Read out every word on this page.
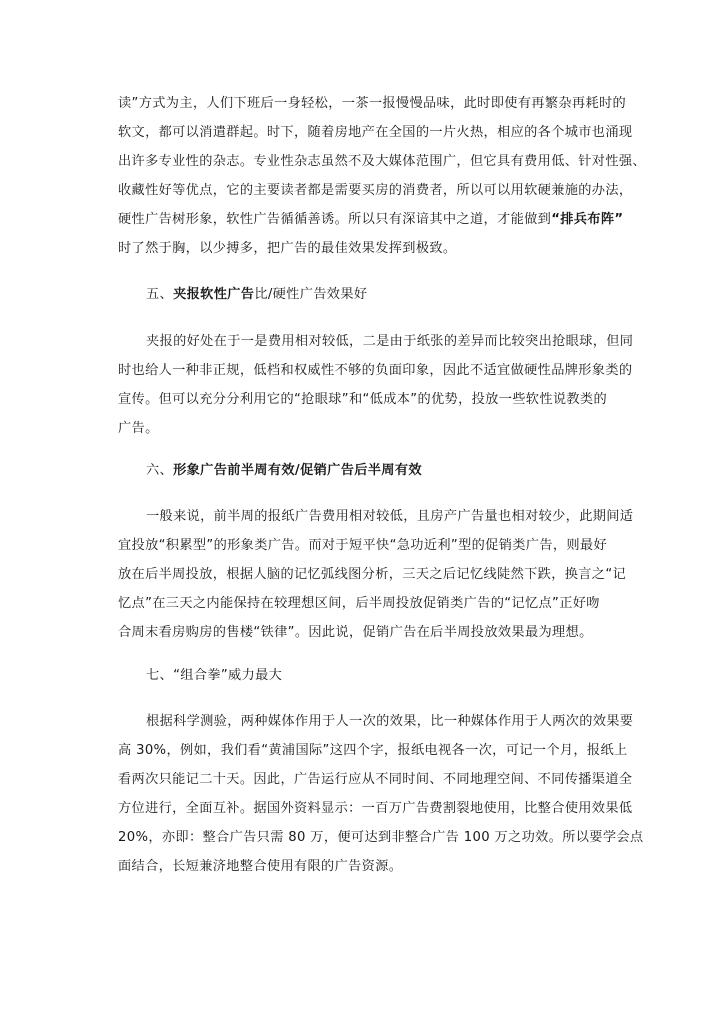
读”方式为主，人们下班后一身轻松，一茶一报慢慢品味，此时即使有再繁杂再耗时的
软文，都可以消遣群起。时下，随着房地产在全国的一片火热，相应的各个城市也涌现
出许多专业性的杂志。专业性杂志虽然不及大媒体范围广，但它具有费用低、针对性强、
收藏性好等优点，它的主要读者都是需要买房的消费者，所以可以用软硬兼施的办法，
硬性广告树形象，软性广告循循善诱。所以只有深谙其中之道，才能做到“排兵布阵”
时了然于胸，以少搏多，把广告的最佳效果发挥到极致。
五、夹报软性广告比/硬性广告效果好
夹报的好处在于一是费用相对较低，二是由于纸张的差异而比较突出抢眼球，但同
时也给人一种非正规，低档和权威性不够的负面印象，因此不适宜做硬性品牌形象类的
宣传。但可以充分分利用它的“抢眼球”和“低成本”的优势，投放一些软性说教类的
广告。
六、形象广告前半周有效/促销广告后半周有效
一般来说，前半周的报纸广告费用相对较低，且房产广告量也相对较少，此期间适
宜投放“积累型”的形象类广告。而对于短平快“急功近利”型的促销类广告，则最好
放在后半周投放，根据人脑的记忆弧线图分析，三天之后记忆线陡然下跌，换言之“记
忆点”在三天之内能保持在较理想区间，后半周投放促销类广告的“记忆点”正好吻
合周末看房购房的售楼“铁律”。因此说，促销广告在后半周投放效果最为理想。
七、“组合拳”威力最大
根据科学测验，两种媒体作用于人一次的效果，比一种媒体作用于人两次的效果要
高 30%，例如，我们看“黄浦国际”这四个字，报纸电视各一次，可记一个月，报纸上
看两次只能记二十天。因此，广告运行应从不同时间、不同地理空间、不同传播渠道全
方位进行，全面互补。据国外资料显示：一百万广告费割裂地使用，比整合使用效果低
20%，亦即：整合广告只需 80 万，便可达到非整合广告 100 万之功效。所以要学会点
面结合，长短兼济地整合使用有限的广告资源。
